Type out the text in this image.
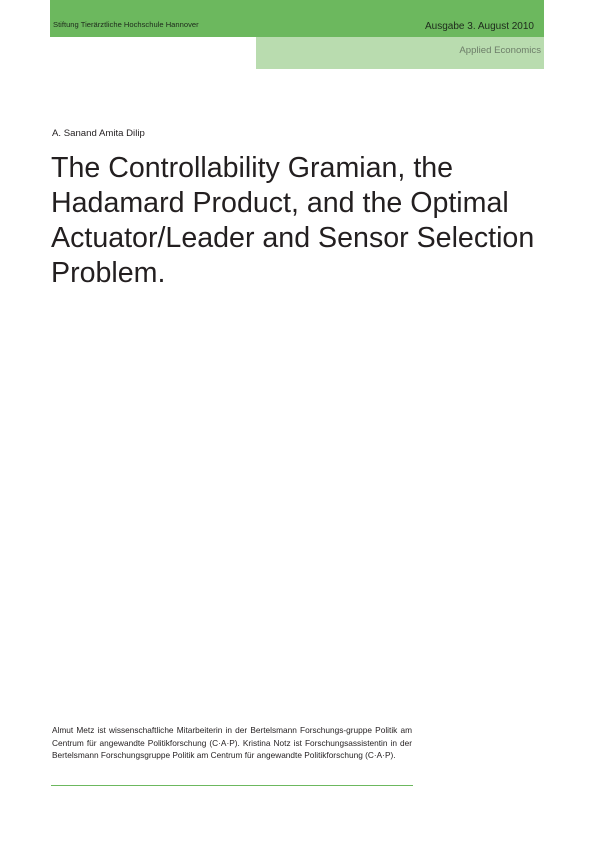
Stiftung Tierärztliche Hochschule Hannover	Ausgabe 3. August 2010
Applied Economics
A. Sanand Amita Dilip
The Controllability Gramian, the Hadamard Product, and the Optimal Actuator/Leader and Sensor Selection Problem.

Almut Metz ist wissenschaftliche Mitarbeiterin in der Bertelsmann Forschungs-gruppe Politik am Centrum für angewandte Politikforschung (C·A·P). Kristina Notz ist Forschungsassistentin in der Bertelsmann Forschungsgruppe Politik am Centrum für angewandte Politikforschung (C·A·P).
